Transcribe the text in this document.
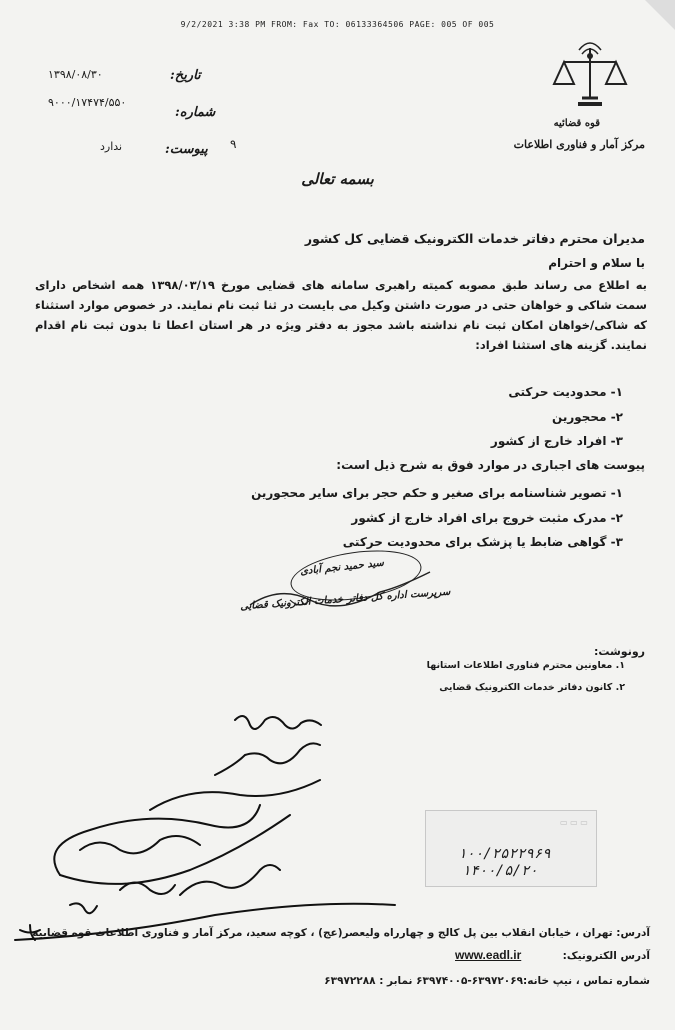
9/2/2021 3:38 PM FROM: Fax TO: 06133364506 PAGE: 005 OF 005
قوه قضائیه
مرکز آمار و فناوری اطلاعات
تاریخ:
۱۳۹۸/۰۸/۳۰
شماره:
۹۰۰۰/۱۷۴۷۴/۵۵۰
پیوست: ۹
ندارد
بسمه تعالی
مدیران محترم دفاتر خدمات الکترونیک قضایی کل کشور
با سلام و احترام
به اطلاع می رساند طبق مصوبه کمیته راهبری سامانه های قضایی مورخ ۱۳۹۸/۰۳/۱۹ همه اشخاص دارای سمت شاکی و خواهان حتی در صورت داشتن وکیل می بایست در ثنا ثبت نام نمایند. در خصوص موارد استثناء که شاکی/خواهان امکان ثبت نام نداشته باشد مجوز به دفتر ویژه در هر استان اعطا تا بدون ثبت نام اقدام نمایند. گزینه های استثنا افراد:
۱- محدودیت حرکتی
۲- محجورین
۳- افراد خارج از کشور
پیوست های اجباری در موارد فوق به شرح ذیل است:
۱- تصویر شناسنامه برای صغیر و حکم حجر برای سایر محجورین
۲- مدرک مثبت خروج برای افراد خارج از کشور
۳- گواهی ضابط یا پزشک برای محدودیت حرکتی
سید حمید نجم آبادی
سرپرست اداره کل دفاتر خدمات الکترونیک قضایی
رونوشت:
۱. معاونین محترم فناوری اطلاعات استانها
۲. کانون دفاتر خدمات الکترونیک قضایی
▭ ▭ ▭
۱۰۰/۲۵۲۲۹۶۹
۱۴۰۰/۵/۲۰
آدرس: تهران ، خیابان انقلاب بین پل کالج و چهارراه ولیعصر(عج) ، کوچه سعید، مرکز آمار و فناوری اطلاعات قوه قضاییه
آدرس الکترونیک:
www.eadl.ir
شماره تماس ، نیپ خانه:۶۳۹۷۲۰۶۹-۶۳۹۷۴۰۰۵ نمابر : ۶۳۹۷۲۲۸۸
